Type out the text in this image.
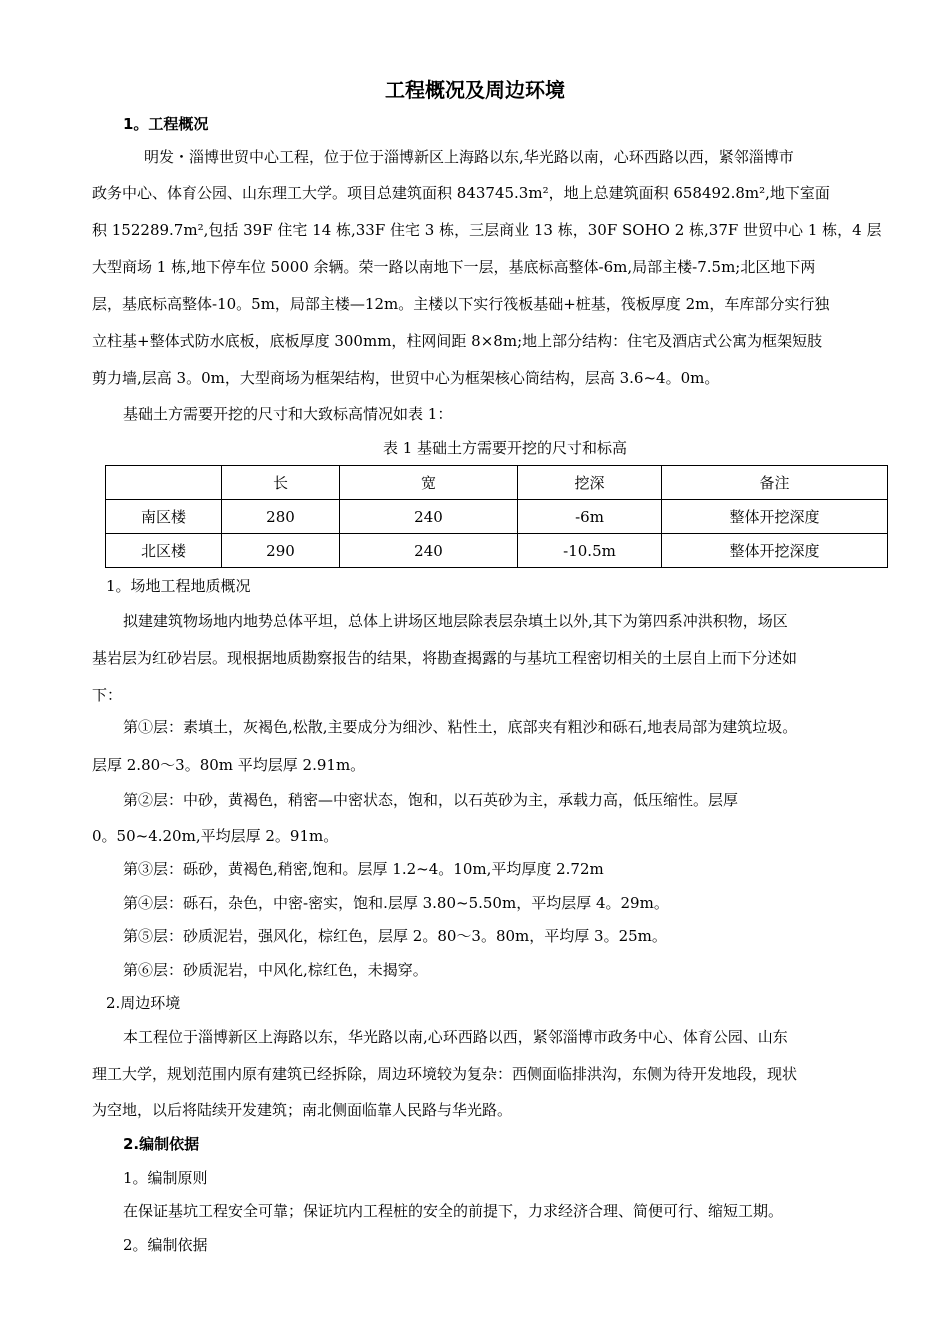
工程概况及周边环境
1。工程概况
明发・淄博世贸中心工程，位于位于淄博新区上海路以东,华光路以南，心环西路以西，紧邻淄博市
政务中心、体育公园、山东理工大学。项目总建筑面积 843745.3m²，地上总建筑面积 658492.8m²,地下室面
积 152289.7m²,包括 39F 住宅 14 栋,33F 住宅 3 栋，三层商业 13 栋，30F SOHO 2 栋,37F 世贸中心 1 栋，4 层
大型商场 1 栋,地下停车位 5000 余辆。荣一路以南地下一层，基底标高整体-6m,局部主楼-7.5m;北区地下两
层，基底标高整体-10。5m，局部主楼—12m。主楼以下实行筏板基础+桩基，筏板厚度 2m，车库部分实行独
立柱基+整体式防水底板，底板厚度 300mm，柱网间距 8×8m;地上部分结构：住宅及酒店式公寓为框架短肢
剪力墙,层高 3。0m，大型商场为框架结构，世贸中心为框架核心筒结构，层高 3.6~4。0m。
基础土方需要开挖的尺寸和大致标高情况如表 1：
表 1 基础土方需要开挖的尺寸和标高
	长	宽	挖深	备注
南区楼	280	240	-6m	整体开挖深度
北区楼	290	240	-10.5m	整体开挖深度
1。场地工程地质概况
拟建建筑物场地内地势总体平坦，总体上讲场区地层除表层杂填土以外,其下为第四系冲洪积物，场区
基岩层为红砂岩层。现根据地质勘察报告的结果，将勘查揭露的与基坑工程密切相关的土层自上而下分述如
下：
第①层：素填土，灰褐色,松散,主要成分为细沙、粘性土，底部夹有粗沙和砾石,地表局部为建筑垃圾。
层厚 2.80～3。80m 平均层厚 2.91m。
第②层：中砂，黄褐色，稍密—中密状态，饱和，以石英砂为主，承载力高，低压缩性。层厚
0。50~4.20m,平均层厚 2。91m。
第③层：砾砂，黄褐色,稍密,饱和。层厚 1.2~4。10m,平均厚度 2.72m
第④层：砾石，杂色，中密-密实，饱和.层厚 3.80~5.50m，平均层厚 4。29m。
第⑤层：砂质泥岩，强风化，棕红色，层厚 2。80～3。80m，平均厚 3。25m。
第⑥层：砂质泥岩，中风化,棕红色，未揭穿。
2.周边环境
本工程位于淄博新区上海路以东，华光路以南,心环西路以西，紧邻淄博市政务中心、体育公园、山东
理工大学，规划范围内原有建筑已经拆除，周边环境较为复杂：西侧面临排洪沟，东侧为待开发地段，现状
为空地，以后将陆续开发建筑；南北侧面临靠人民路与华光路。
2.编制依据
1。编制原则
在保证基坑工程安全可靠；保证坑内工程桩的安全的前提下，力求经济合理、简便可行、缩短工期。
2。编制依据
